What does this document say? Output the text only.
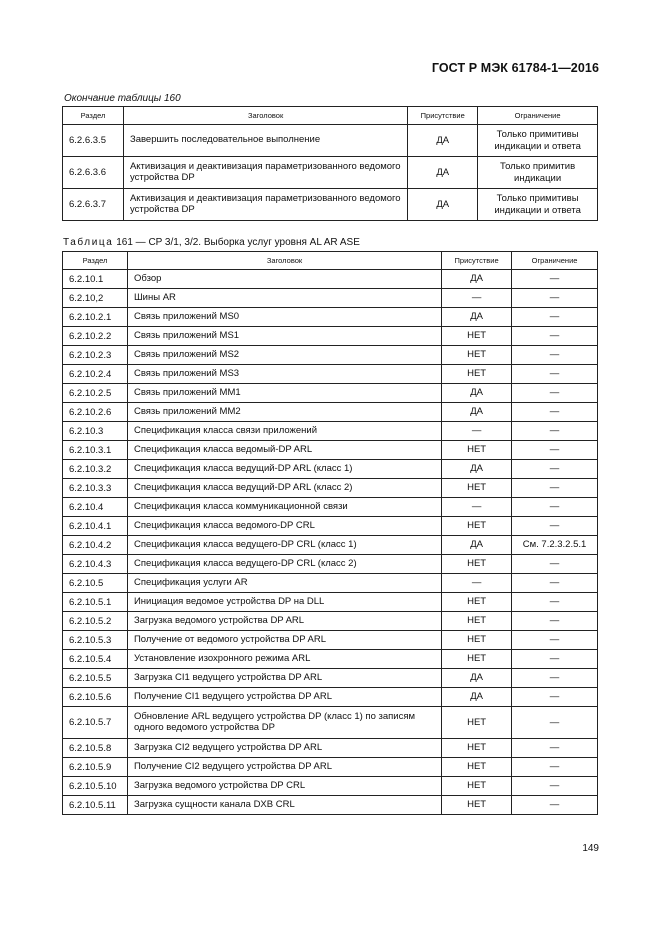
ГОСТ Р МЭК 61784-1—2016
Окончание таблицы 160
Раздел	Заголовок	Присутствие	Ограничение
6.2.6.3.5	Завершить последовательное выполнение	ДА	Только примитивы индикации и ответа
6.2.6.3.6	Активизация и деактивизация параметризованного ведомого устройства DP	ДА	Только примитив индикации
6.2.6.3.7	Активизация и деактивизация параметризованного ведомого устройства DP	ДА	Только примитивы индикации и ответа
Таблица 161 — CP 3/1, 3/2. Выборка услуг уровня AL AR ASE
Раздел	Заголовок	Присутствие	Ограничение
6.2.10.1	Обзор	ДА	—
6.2.10,2	Шины AR	—	—
6.2.10.2.1	Связь приложений MS0	ДА	—
6.2.10.2.2	Связь приложений MS1	НЕТ	—
6.2.10.2.3	Связь приложений MS2	НЕТ	—
6.2.10.2.4	Связь приложений MS3	НЕТ	—
6.2.10.2.5	Связь приложений MM1	ДА	—
6.2.10.2.6	Связь приложений MM2	ДА	—
6.2.10.3	Спецификация класса связи приложений	—	—
6.2.10.3.1	Спецификация класса ведомый-DP ARL	НЕТ	—
6.2.10.3.2	Спецификация класса ведущий-DP ARL (класс 1)	ДА	—
6.2.10.3.3	Спецификация класса ведущий-DP ARL (класс 2)	НЕТ	—
6.2.10.4	Спецификация класса коммуникационной связи	—	—
6.2.10.4.1	Спецификация класса ведомого-DP CRL	НЕТ	—
6.2.10.4.2	Спецификация класса ведущего-DP CRL (класс 1)	ДА	См. 7.2.3.2.5.1
6.2.10.4.3	Спецификация класса ведущего-DP CRL (класс 2)	НЕТ	—
6.2.10.5	Спецификация услуги AR	—	—
6.2.10.5.1	Инициация ведомое устройства DP на DLL	НЕТ	—
6.2.10.5.2	Загрузка ведомого устройства DP ARL	НЕТ	—
6.2.10.5.3	Получение от ведомого устройства DP ARL	НЕТ	—
6.2.10.5.4	Установление изохронного режима ARL	НЕТ	—
6.2.10.5.5	Загрузка CI1 ведущего устройства DP ARL	ДА	—
6.2.10.5.6	Получение CI1 ведущего устройства DP ARL	ДА	—
6.2.10.5.7	Обновление ARL ведущего устройства DP (класс 1) по записям одного ведомого устройства DP	НЕТ	—
6.2.10.5.8	Загрузка CI2 ведущего устройства DP ARL	НЕТ	—
6.2.10.5.9	Получение CI2 ведущего устройства DP ARL	НЕТ	—
6.2.10.5.10	Загрузка ведомого устройства DP CRL	НЕТ	—
6.2.10.5.11	Загрузка сущности канала DXB CRL	НЕТ	—
149
